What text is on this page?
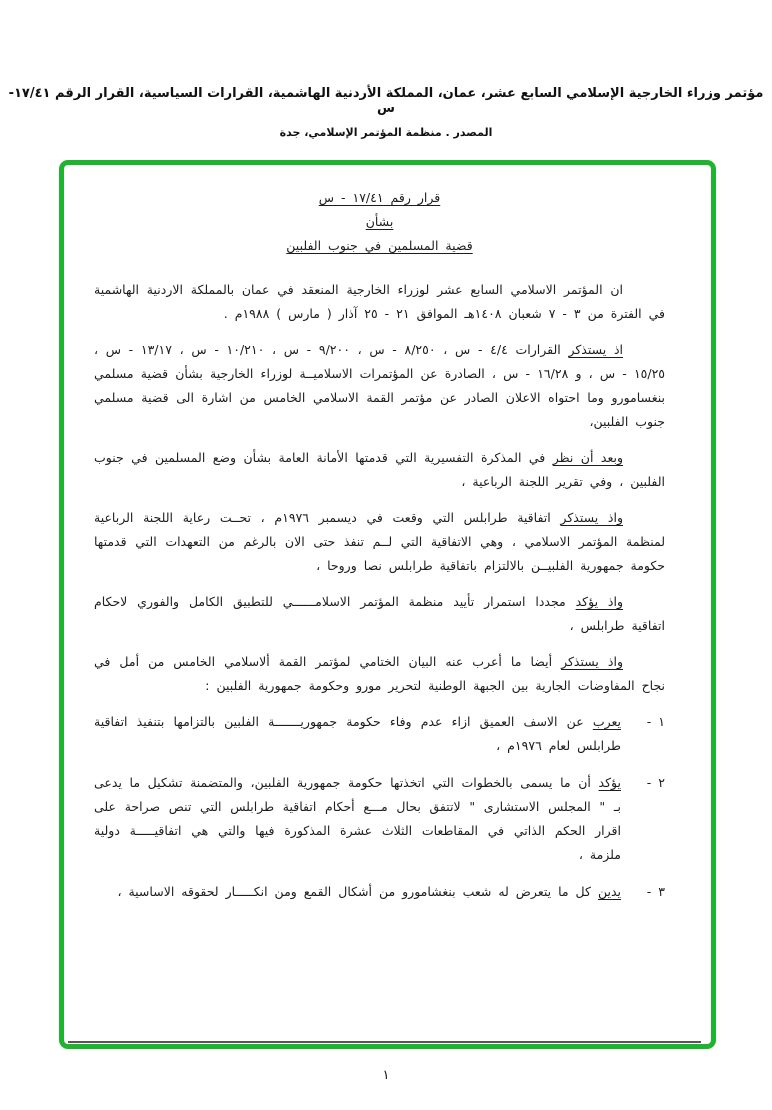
مؤتمر وزراء الخارجية الإسلامي السابع عشر، عمان، المملكة الأردنية الهاشمية، القرارات السياسية، القرار الرقم ١٧/٤١-س
المصدر . منظمة المؤتمر الإسلامي، جدة
قرار رقم ١٧/٤١ - س
بشأن
قضية المسلمين في جنوب الفلبين

ان المؤتمر الاسلامي السابع عشر لوزراء الخارجية المنعقد في عمان بالمملكة الاردنية الهاشمية في الفترة من ٣ - ٧ شعبان ١٤٠٨هـ الموافق ٢١ - ٢٥ آذار ( مارس ) ١٩٨٨م .

اذ يستذكر القرارات ٤/٤ - س ، ٨/٢٥٠ - س ، ٩/٢٠٠ - س ، ١٠/٢١٠ - س ، ١٣/١٧ - س ، ١٥/٢٥ - س ، و ١٦/٢٨ - س ، الصادرة عن المؤتمرات الاسلاميــة لوزراء الخارجية بشأن قضية مسلمي بنغسامورو وما احتواه الاعلان الصادر عن مؤتمر القمة الاسلامي الخامس من اشارة الى قضية مسلمي جنوب الفلبين،

وبعد أن نظر في المذكرة التفسيرية التي قدمتها الأمانة العامة بشأن وضع المسلمين في جنوب الفلبين ، وفي تقرير اللجنة الرباعية ،

واذ يستذكر اتفاقية طرابلس التي وقعت في ديسمبر ١٩٧٦م ، تحــت رعاية اللجنة الرباعية لمنظمة المؤتمر الاسلامي ، وهي الاتفاقية التي لــم تنفذ حتى الان بالرغم من التعهدات التي قدمتها حكومة جمهورية الفلبيــن بالالتزام باتفاقية طرابلس نصا وروحا ،

واذ يؤكد مجددا استمرار تأييد منظمة المؤتمر الاسلامــــــي للتطبيق الكامل والفوري لاحكام اتفاقية طرابلس ،

واذ يستذكر أيضا ما أعرب عنه البيان الختامي لمؤتمر القمة ألاسلامي الخامس من أمل في نجاح المفاوضات الجارية بين الجبهة الوطنية لتحرير مورو وحكومة جمهورية الفلبين :

١ -
يعرب عن الاسف العميق ازاء عدم وفاء حكومة جمهوريـــــــة الفلبين بالتزامها بتنفيذ اتفاقية طرابلس لعام ١٩٧٦م ،
٢ -
يؤكد أن ما يسمى بالخطوات التي اتخذتها حكومة جمهورية الفلبين، والمتضمنة تشكيل ما يدعى بـ " المجلس الاستشارى " لاتتفق بحال مـــع أحكام اتفاقية طرابلس التي تنص صراحة على اقرار الحكم الذاتي في المقاطعات الثلاث عشرة المذكورة فيها والتي هي اتفاقيـــــة دولية ملزمة ،
٣ -
يدين كل ما يتعرض له شعب بنغشامورو من أشكال القمع ومن انكـــــار لحقوقه الاساسية ،
١
